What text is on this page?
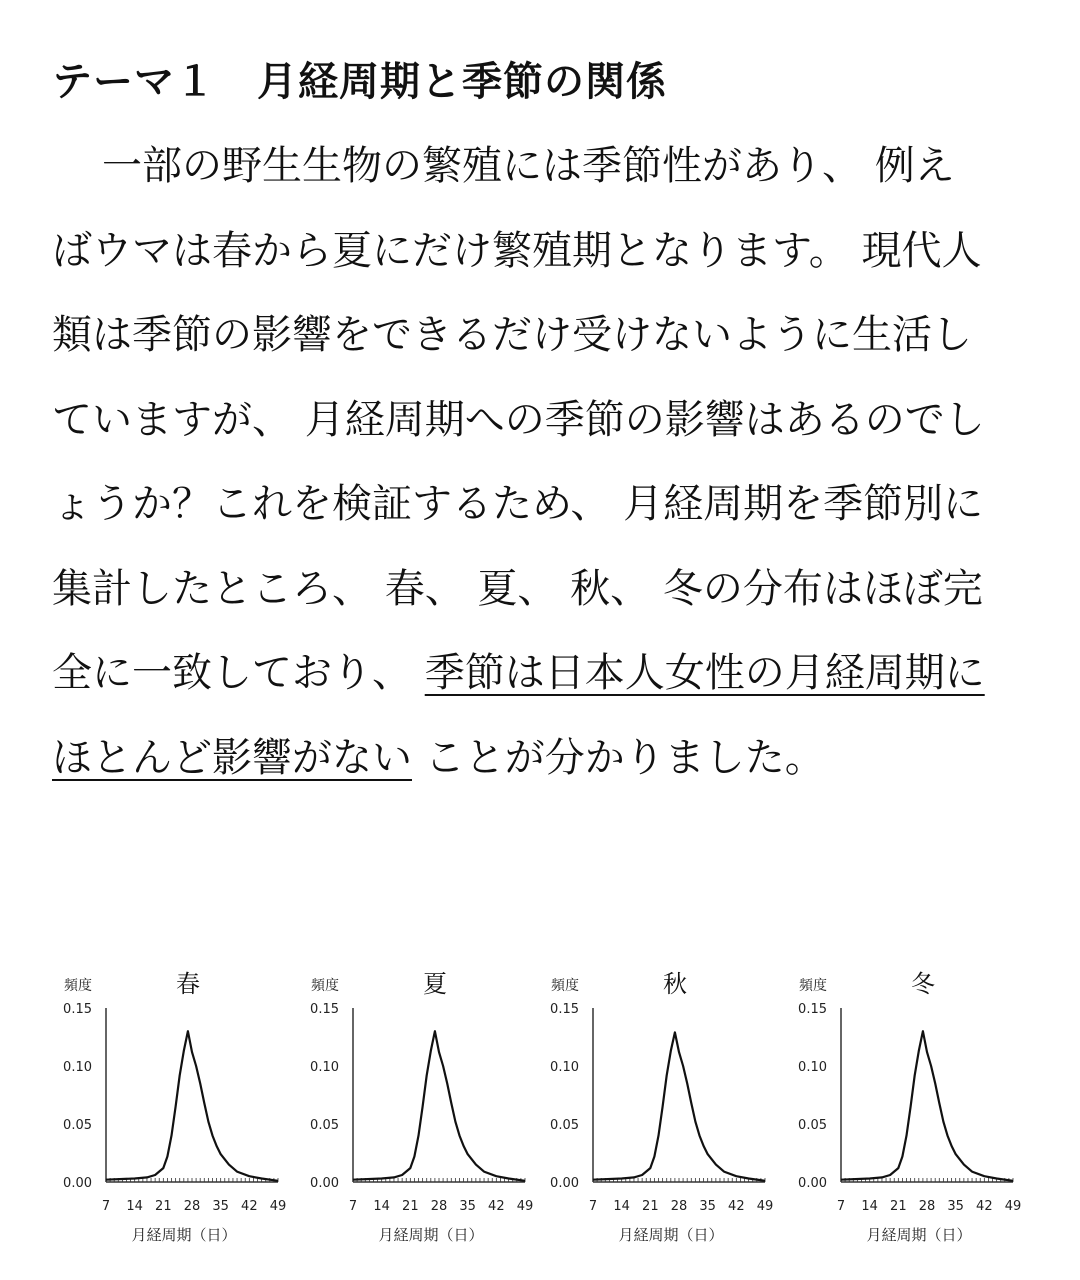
テーマ１　月経周期と季節の関係
一部の野生生物の繁殖には季節性があり、 例え
ばウマは春から夏にだけ繁殖期となります。 現代人
類は季節の影響をできるだけ受けないように生活し
ていますが、 月経周期への季節の影響はあるのでし
ょうか？これを検証するため、 月経周期を季節別に
集計したところ、 春、 夏、 秋、 冬の分布はほぼ完
全に一致しており、 季節は日本人女性の月経周期に
ほとんど影響がない ことが分かりました。
春
頻度
0.00
0.05
0.10
0.15
7 14 21 28 35 42 49
月経周期（日）
夏
頻度
0.00
0.05
0.10
0.15
7 14 21 28 35 42 49
月経周期（日）
秋
頻度
0.00
0.05
0.10
0.15
7 14 21 28 35 42 49
月経周期（日）
冬
頻度
0.00
0.05
0.10
0.15
7 14 21 28 35 42 49
月経周期（日）
